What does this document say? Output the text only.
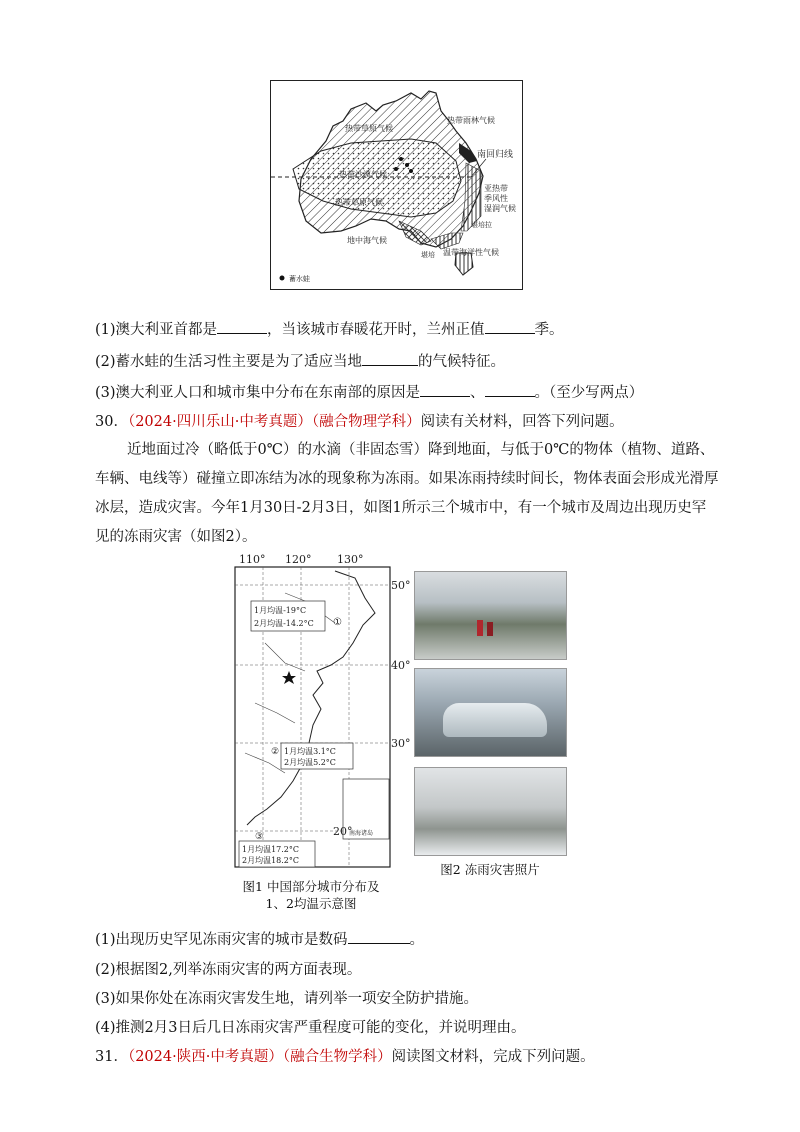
热带草原气候
热带雨林气候
南回归线
热带沙漠气候
亚热带
季风性
湿润气候
热带草原气候
地中海气候
堪培拉
堪培 温带海洋性气候
蓄水蛙
(1)澳大利亚首都是	，当该城市春暖花开时，兰州正值	季。
(2)蓄水蛙的生活习性主要是为了适应当地	的气候特征。
(3)澳大利亚人口和城市集中分布在东南部的原因是	、	。（至少写两点）
30．（2024·四川乐山·中考真题）（融合物理学科）阅读有关材料，回答下列问题。
近地面过冷（略低于0℃）的水滴（非固态雪）降到地面，与低于0℃的物体（植物、道路、
车辆、电线等）碰撞立即冻结为冰的现象称为冻雨。如果冻雨持续时间长，物体表面会形成光滑厚
冰层，造成灾害。今年1月30日-2月3日，如图1所示三个城市中，有一个城市及周边出现历史罕
见的冻雨灾害（如图2）。
110° 120° 130°
50°
40°
30°
20°
1月均温-19°C
2月均温-14.2°C ①
1月均温3.1°C
2月均温5.2°C
②
1月均温17.2°C
2月均温18.2°C
③	南海诸岛
图1 中国部分城市分布及
1、2均温示意图
图2 冻雨灾害照片
(1)出现历史罕见冻雨灾害的城市是数码	。
(2)根据图2,列举冻雨灾害的两方面表现。
(3)如果你处在冻雨灾害发生地，请列举一项安全防护措施。
(4)推测2月3日后几日冻雨灾害严重程度可能的变化，并说明理由。
31．（2024·陕西·中考真题）（融合生物学科）阅读图文材料，完成下列问题。
